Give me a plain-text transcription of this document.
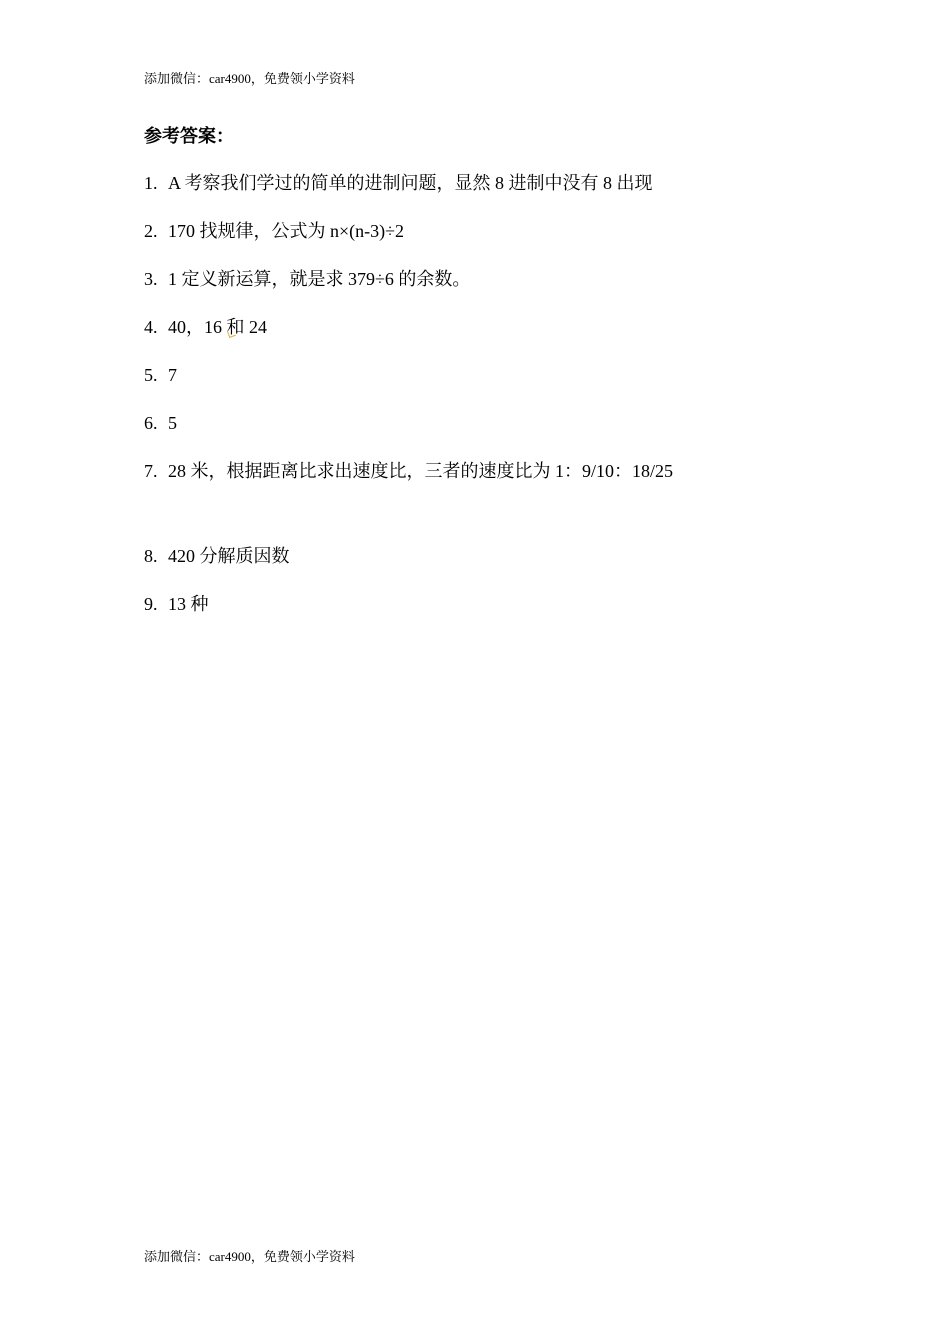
添加微信：car4900，免费领小学资料
参考答案：
1. A 考察我们学过的简单的进制问题，显然 8 进制中没有 8 出现
2. 170 找规律，公式为 n×(n-3)÷2
3. 1 定义新运算，就是求 379÷6 的余数。
4. 40，16 和 24
5. 7
6. 5
7. 28 米，根据距离比求出速度比，三者的速度比为 1：9/10：18/25
8. 420 分解质因数
9. 13 种
添加微信：car4900，免费领小学资料
